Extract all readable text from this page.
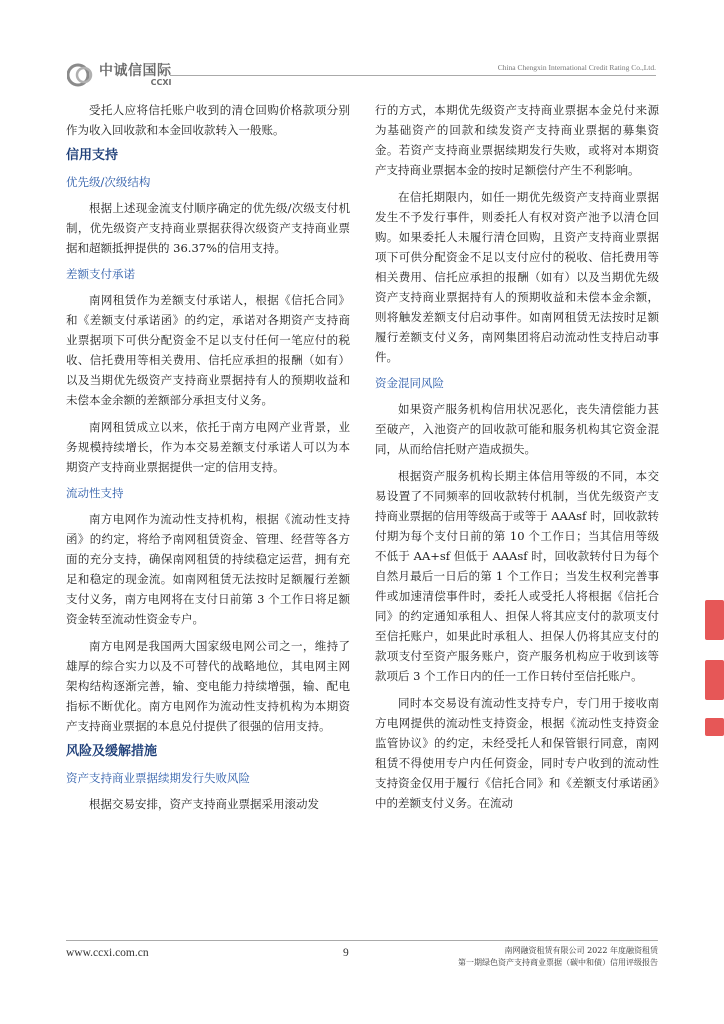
中诚信国际
CCXI
China Chengxin International Credit Rating Co.,Ltd.

受托人应将信托账户收到的清仓回购价格款项分别作为收入回收款和本金回收款转入一般账。

信用支持
优先级/次级结构

根据上述现金流支付顺序确定的优先级/次级支付机制，优先级资产支持商业票据获得次级资产支持商业票据和超额抵押提供的 36.37%的信用支持。

差额支付承诺

南网租赁作为差额支付承诺人，根据《信托合同》和《差额支付承诺函》的约定，承诺对各期资产支持商业票据项下可供分配资金不足以支付任何一笔应付的税收、信托费用等相关费用、信托应承担的报酬（如有）以及当期优先级资产支持商业票据持有人的预期收益和未偿本金余额的差额部分承担支付义务。

南网租赁成立以来，依托于南方电网产业背景，业务规模持续增长，作为本交易差额支付承诺人可以为本期资产支持商业票据提供一定的信用支持。

流动性支持

南方电网作为流动性支持机构，根据《流动性支持函》的约定，将给予南网租赁资金、管理、经营等各方面的充分支持，确保南网租赁的持续稳定运营，拥有充足和稳定的现金流。如南网租赁无法按时足额履行差额支付义务，南方电网将在支付日前第 3 个工作日将足额资金转至流动性资金专户。

南方电网是我国两大国家级电网公司之一，维持了雄厚的综合实力以及不可替代的战略地位，其电网主网架构结构逐渐完善，输、变电能力持续增强，输、配电指标不断优化。南方电网作为流动性支持机构为本期资产支持商业票据的本息兑付提供了很强的信用支持。

风险及缓解措施
资产支持商业票据续期发行失败风险

根据交易安排，资产支持商业票据采用滚动发

行的方式，本期优先级资产支持商业票据本金兑付来源为基础资产的回款和续发资产支持商业票据的募集资金。若资产支持商业票据续期发行失败，或将对本期资产支持商业票据本金的按时足额偿付产生不利影响。

在信托期限内，如任一期优先级资产支持商业票据发生不予发行事件，则委托人有权对资产池予以清仓回购。如果委托人未履行清仓回购，且资产支持商业票据项下可供分配资金不足以支付应付的税收、信托费用等相关费用、信托应承担的报酬（如有）以及当期优先级资产支持商业票据持有人的预期收益和未偿本金余额，则将触发差额支付启动事件。如南网租赁无法按时足额履行差额支付义务，南网集团将启动流动性支持启动事件。

资金混同风险

如果资产服务机构信用状况恶化，丧失清偿能力甚至破产，入池资产的回收款可能和服务机构其它资金混同，从而给信托财产造成损失。

根据资产服务机构长期主体信用等级的不同，本交易设置了不同频率的回收款转付机制，当优先级资产支持商业票据的信用等级高于或等于 AAAsf 时，回收款转付期为每个支付日前的第 10 个工作日；当其信用等级不低于 AA+sf 但低于 AAAsf 时，回收款转付日为每个自然月最后一日后的第 1 个工作日；当发生权利完善事件或加速清偿事件时，委托人或受托人将根据《信托合同》的约定通知承租人、担保人将其应支付的款项支付至信托账户，如果此时承租人、担保人仍将其应支付的款项支付至资产服务账户，资产服务机构应于收到该等款项后 3 个工作日内的任一工作日转付至信托账户。

同时本交易设有流动性支持专户，专门用于接收南方电网提供的流动性支持资金，根据《流动性支持资金监管协议》的约定，未经受托人和保管银行同意，南网租赁不得使用专户内任何资金，同时专户收到的流动性支持资金仅用于履行《信托合同》和《差额支付承诺函》中的差额支付义务。在流动

www.ccxi.com.cn	9	南网融资租赁有限公司 2022 年度融资租赁
第一期绿色资产支持商业票据（碳中和债）信用评级报告
